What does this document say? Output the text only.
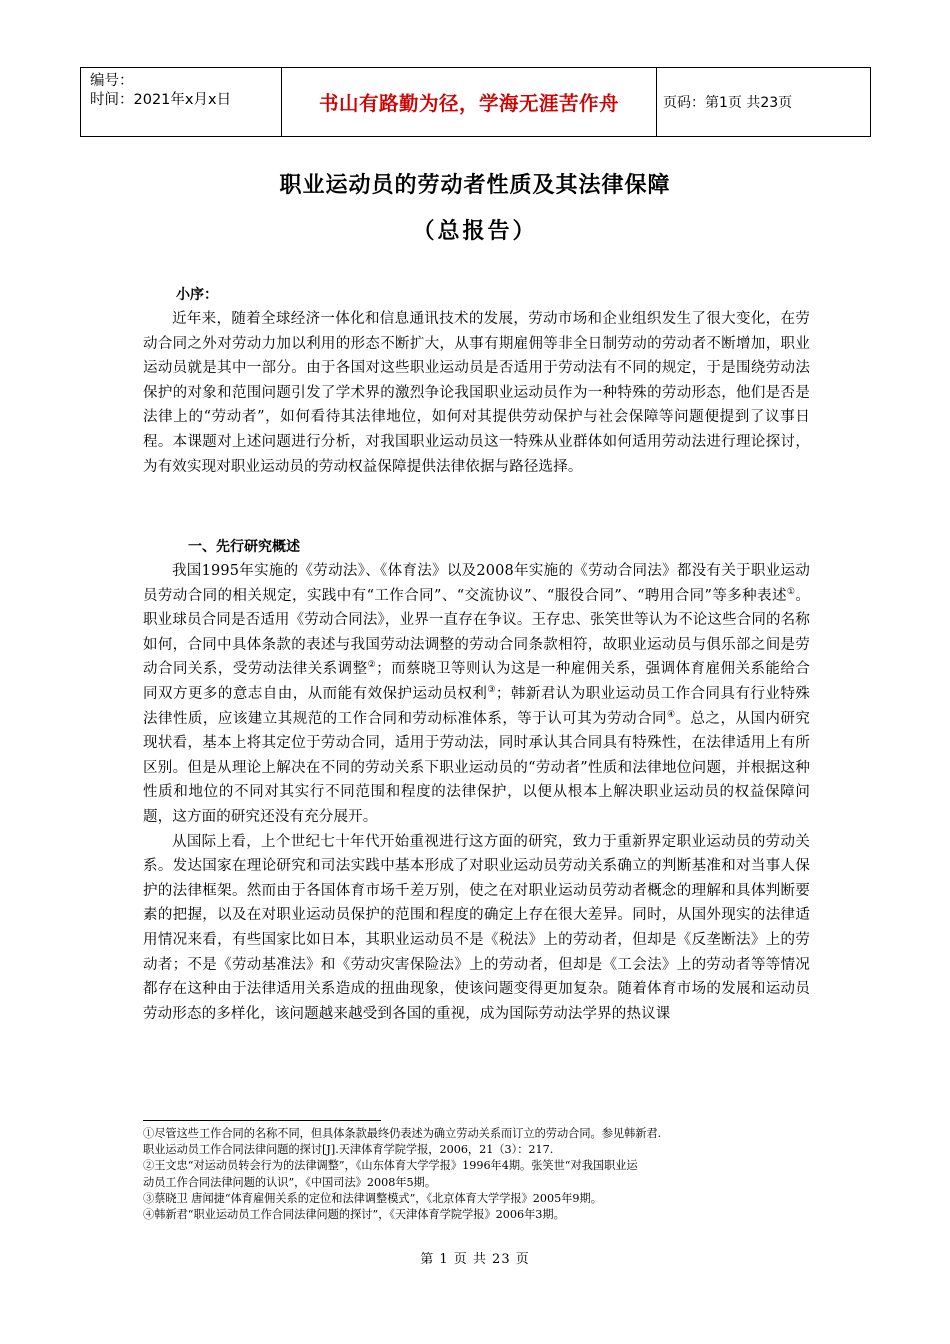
编号：
时间：2021年x月x日	书山有路勤为径，学海无涯苦作舟	页码：第1页 共23页
职业运动员的劳动者性质及其法律保障
（总报告）
小序：

近年来，随着全球经济一体化和信息通讯技术的发展，劳动市场和企业组织发生了很大变化，在劳动合同之外对劳动力加以利用的形态不断扩大，从事有期雇佣等非全日制劳动的劳动者不断增加，职业运动员就是其中一部分。由于各国对这些职业运动员是否适用于劳动法有不同的规定，于是围绕劳动法保护的对象和范围问题引发了学术界的激烈争论我国职业运动员作为一种特殊的劳动形态，他们是否是法律上的“劳动者”，如何看待其法律地位，如何对其提供劳动保护与社会保障等问题便提到了议事日程。本课题对上述问题进行分析，对我国职业运动员这一特殊从业群体如何适用劳动法进行理论探讨，为有效实现对职业运动员的劳动权益保障提供法律依据与路径选择。

一、先行研究概述

我国1995年实施的《劳动法》、《体育法》以及2008年实施的《劳动合同法》都没有关于职业运动员劳动合同的相关规定，实践中有“工作合同”、“交流协议”、“服役合同”、“聘用合同”等多种表述①。职业球员合同是否适用《劳动合同法》，业界一直存在争议。王存忠、张笑世等认为不论这些合同的名称如何，合同中具体条款的表述与我国劳动法调整的劳动合同条款相符，故职业运动员与俱乐部之间是劳动合同关系，受劳动法律关系调整②；而蔡晓卫等则认为这是一种雇佣关系，强调体育雇佣关系能给合同双方更多的意志自由，从而能有效保护运动员权利③；韩新君认为职业运动员工作合同具有行业特殊法律性质，应该建立其规范的工作合同和劳动标准体系，等于认可其为劳动合同④。总之，从国内研究现状看，基本上将其定位于劳动合同，适用于劳动法，同时承认其合同具有特殊性，在法律适用上有所区别。但是从理论上解决在不同的劳动关系下职业运动员的“劳动者”性质和法律地位问题，并根据这种性质和地位的不同对其实行不同范围和程度的法律保护，以便从根本上解决职业运动员的权益保障问题，这方面的研究还没有充分展开。

从国际上看，上个世纪七十年代开始重视进行这方面的研究，致力于重新界定职业运动员的劳动关系。发达国家在理论研究和司法实践中基本形成了对职业运动员劳动关系确立的判断基准和对当事人保护的法律框架。然而由于各国体育市场千差万别，使之在对职业运动员劳动者概念的理解和具体判断要素的把握，以及在对职业运动员保护的范围和程度的确定上存在很大差异。同时，从国外现实的法律适用情况来看，有些国家比如日本，其职业运动员不是《税法》上的劳动者，但却是《反垄断法》上的劳动者；不是《劳动基准法》和《劳动灾害保险法》上的劳动者，但却是《工会法》上的劳动者等等情况都存在这种由于法律适用关系造成的扭曲现象，使该问题变得更加复杂。随着体育市场的发展和运动员劳动形态的多样化，该问题越来越受到各国的重视，成为国际劳动法学界的热议课

①尽管这些工作合同的名称不同，但具体条款最终仍表述为确立劳动关系而订立的劳动合同。参见韩新君.
职业运动员工作合同法律问题的探讨[J].天津体育学院学报，2006，21（3）：217.
②王文忠“对运动员转会行为的法律调整”，《山东体育大学学报》1996年4期。张笑世“对我国职业运
动员工作合同法律问题的认识”，《中国司法》2008年5期。
③蔡晓卫 唐闻捷“体育雇佣关系的定位和法律调整模式”，《北京体育大学学报》2005年9期。
④韩新君“职业运动员工作合同法律问题的探讨”，《天津体育学院学报》2006年3期。
第 1 页 共 23 页
